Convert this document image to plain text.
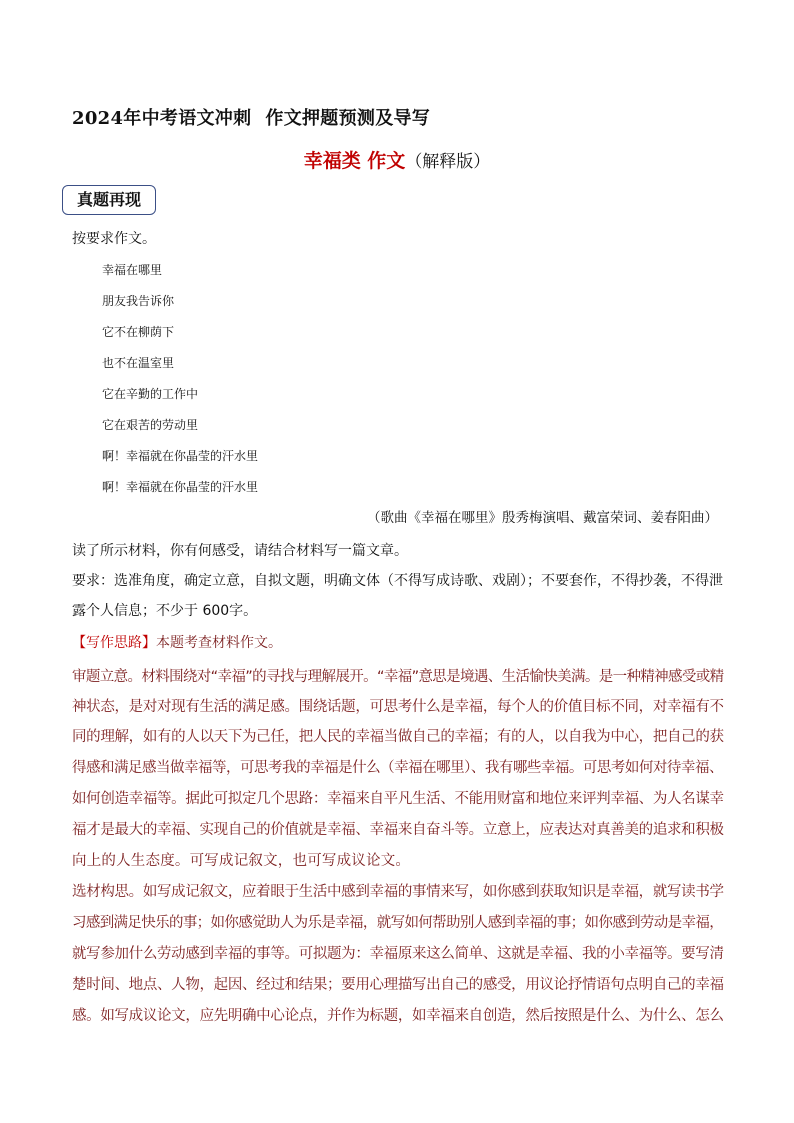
2024年中考语文冲刺 作文押题预测及导写
幸福类 作文（解释版）
真题再现
按要求作文。
幸福在哪里
朋友我告诉你
它不在柳荫下
也不在温室里
它在辛勤的工作中
它在艰苦的劳动里
啊！幸福就在你晶莹的汗水里
啊！幸福就在你晶莹的汗水里
（歌曲《幸福在哪里》殷秀梅演唱、戴富荣词、姜春阳曲）
读了所示材料，你有何感受，请结合材料写一篇文章。
要求：选准角度，确定立意，自拟文题，明确文体（不得写成诗歌、戏剧）；不要套作，不得抄袭，不得泄
露个人信息；不少于 600字。
【写作思路】本题考查材料作文。
审题立意。材料围绕对“幸福”的寻找与理解展开。“幸福”意思是境遇、生活愉快美满。是一种精神感受或精
神状态，是对对现有生活的满足感。围绕话题，可思考什么是幸福，每个人的价值目标不同，对幸福有不
同的理解，如有的人以天下为己任，把人民的幸福当做自己的幸福；有的人，以自我为中心，把自己的获
得感和满足感当做幸福等，可思考我的幸福是什么（幸福在哪里）、我有哪些幸福。可思考如何对待幸福、
如何创造幸福等。据此可拟定几个思路：幸福来自平凡生活、不能用财富和地位来评判幸福、为人名谋幸
福才是最大的幸福、实现自己的价值就是幸福、幸福来自奋斗等。立意上，应表达对真善美的追求和积极
向上的人生态度。可写成记叙文，也可写成议论文。
选材构思。如写成记叙文，应着眼于生活中感到幸福的事情来写，如你感到获取知识是幸福，就写读书学
习感到满足快乐的事；如你感觉助人为乐是幸福，就写如何帮助别人感到幸福的事；如你感到劳动是幸福，
就写参加什么劳动感到幸福的事等。可拟题为：幸福原来这么简单、这就是幸福、我的小幸福等。要写清
楚时间、地点、人物，起因、经过和结果；要用心理描写出自己的感受，用议论抒情语句点明自己的幸福
感。如写成议论文，应先明确中心论点，并作为标题，如幸福来自创造，然后按照是什么、为什么、怎么
